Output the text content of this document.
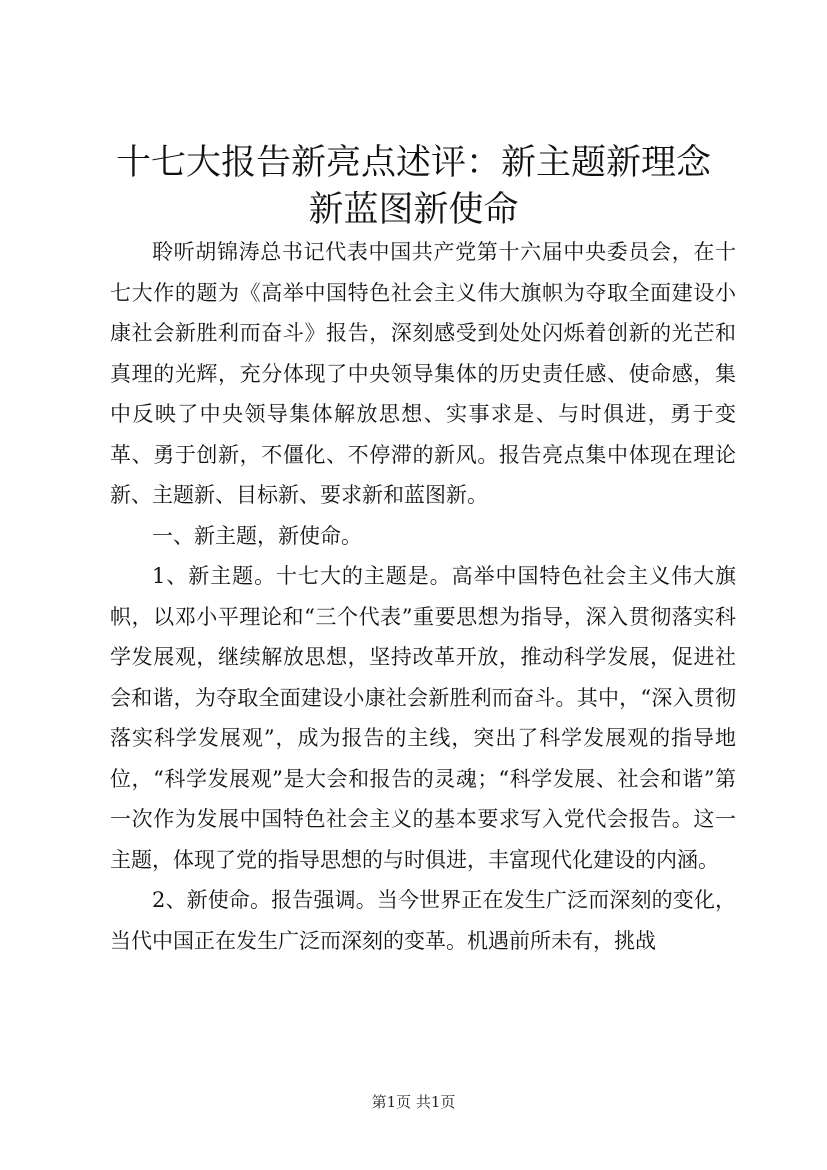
十七大报告新亮点述评：新主题新理念新蓝图新使命

聆听胡锦涛总书记代表中国共产党第十六届中央委员会，在十七大作的题为《高举中国特色社会主义伟大旗帜为夺取全面建设小康社会新胜利而奋斗》报告，深刻感受到处处闪烁着创新的光芒和真理的光辉，充分体现了中央领导集体的历史责任感、使命感，集中反映了中央领导集体解放思想、实事求是、与时俱进，勇于变革、勇于创新，不僵化、不停滞的新风。报告亮点集中体现在理论新、主题新、目标新、要求新和蓝图新。

一、新主题，新使命。

1、新主题。十七大的主题是。高举中国特色社会主义伟大旗帜，以邓小平理论和“三个代表”重要思想为指导，深入贯彻落实科学发展观，继续解放思想，坚持改革开放，推动科学发展，促进社会和谐，为夺取全面建设小康社会新胜利而奋斗。其中，“深入贯彻落实科学发展观”，成为报告的主线，突出了科学发展观的指导地位，“科学发展观”是大会和报告的灵魂；“科学发展、社会和谐”第一次作为发展中国特色社会主义的基本要求写入党代会报告。这一主题，体现了党的指导思想的与时俱进，丰富现代化建设的内涵。

2、新使命。报告强调。当今世界正在发生广泛而深刻的变化，当代中国正在发生广泛而深刻的变革。机遇前所未有，挑战

第1页 共1页
